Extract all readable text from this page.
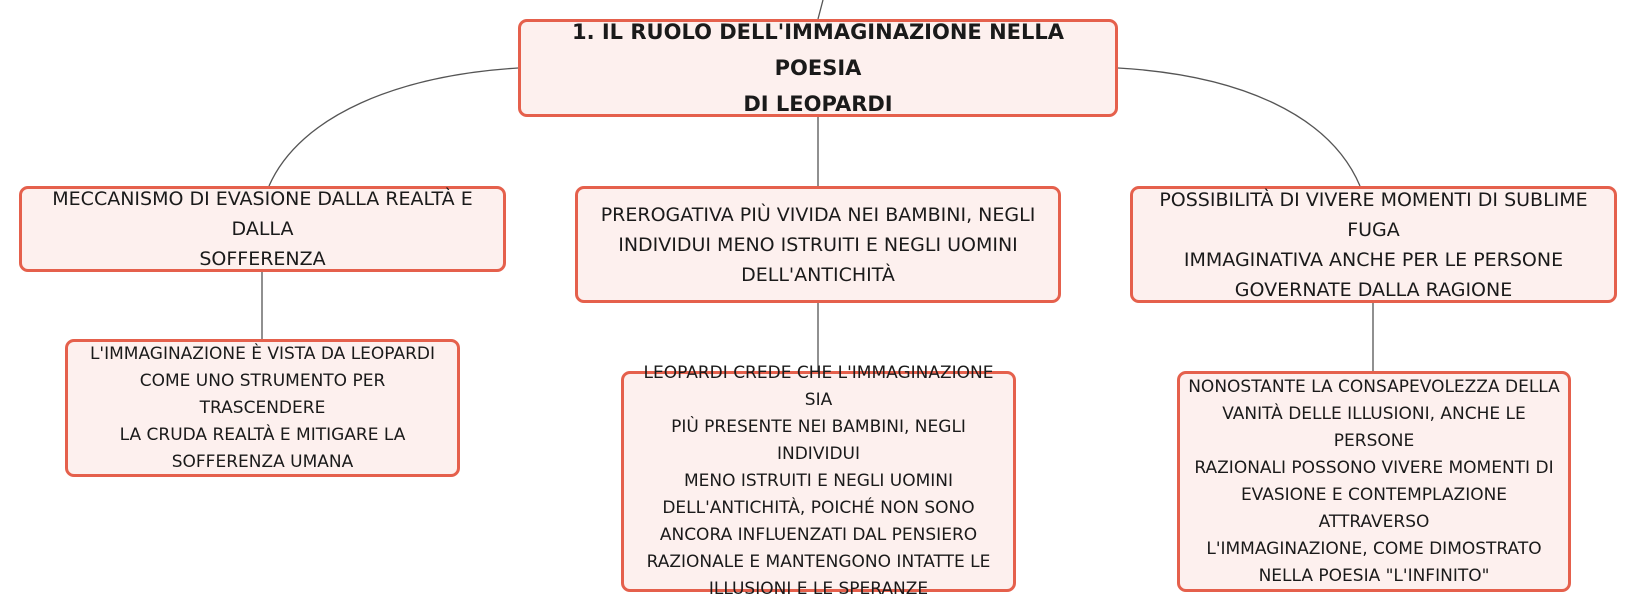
1. IL RUOLO DELL'IMMAGINAZIONE NELLA POESIA
DI LEOPARDI
MECCANISMO DI EVASIONE DALLA REALTÀ E DALLA
SOFFERENZA
PREROGATIVA PIÙ VIVIDA NEI BAMBINI, NEGLI
INDIVIDUI MENO ISTRUITI E NEGLI UOMINI
DELL'ANTICHITÀ
POSSIBILITÀ DI VIVERE MOMENTI DI SUBLIME FUGA
IMMAGINATIVA ANCHE PER LE PERSONE
GOVERNATE DALLA RAGIONE
L'IMMAGINAZIONE È VISTA DA LEOPARDI
COME UNO STRUMENTO PER TRASCENDERE
LA CRUDA REALTÀ E MITIGARE LA
SOFFERENZA UMANA
LEOPARDI CREDE CHE L'IMMAGINAZIONE SIA
PIÙ PRESENTE NEI BAMBINI, NEGLI INDIVIDUI
MENO ISTRUITI E NEGLI UOMINI
DELL'ANTICHITÀ, POICHÉ NON SONO
ANCORA INFLUENZATI DAL PENSIERO
RAZIONALE E MANTENGONO INTATTE LE
ILLUSIONI E LE SPERANZE
NONOSTANTE LA CONSAPEVOLEZZA DELLA
VANITÀ DELLE ILLUSIONI, ANCHE LE PERSONE
RAZIONALI POSSONO VIVERE MOMENTI DI
EVASIONE E CONTEMPLAZIONE ATTRAVERSO
L'IMMAGINAZIONE, COME DIMOSTRATO
NELLA POESIA "L'INFINITO"
